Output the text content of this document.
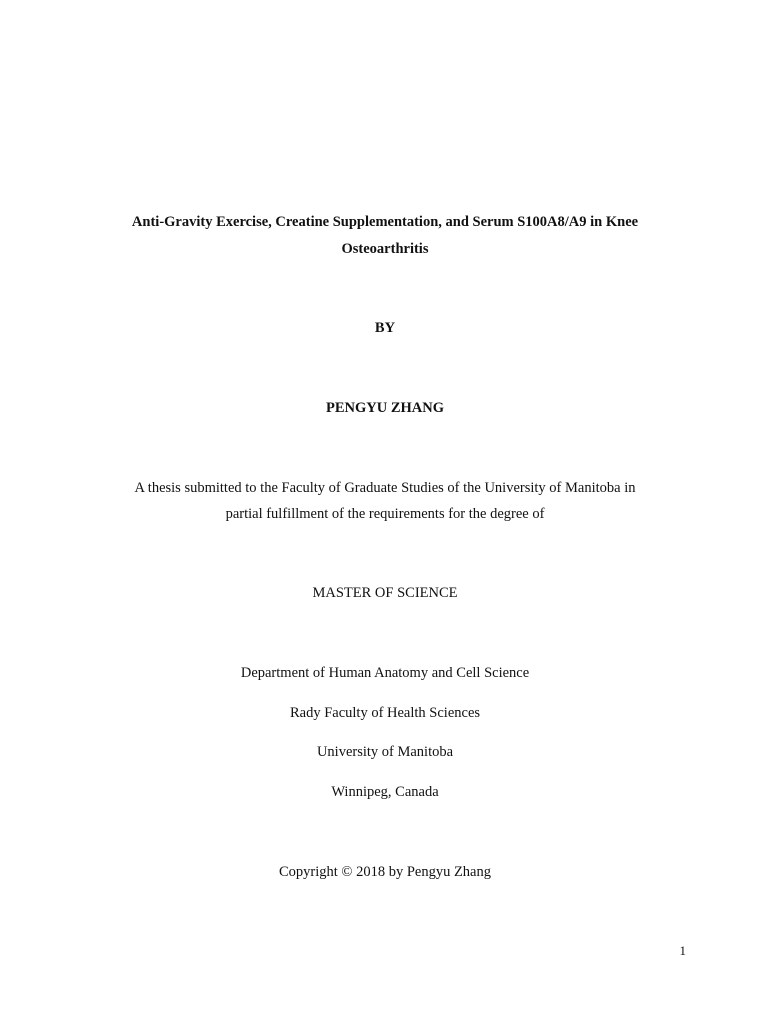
Anti-Gravity Exercise, Creatine Supplementation, and Serum S100A8/A9 in Knee
Osteoarthritis
BY
PENGYU ZHANG
A thesis submitted to the Faculty of Graduate Studies of the University of Manitoba in
partial fulfillment of the requirements for the degree of
MASTER OF SCIENCE
Department of Human Anatomy and Cell Science
Rady Faculty of Health Sciences
University of Manitoba
Winnipeg, Canada
Copyright © 2018 by Pengyu Zhang
1
